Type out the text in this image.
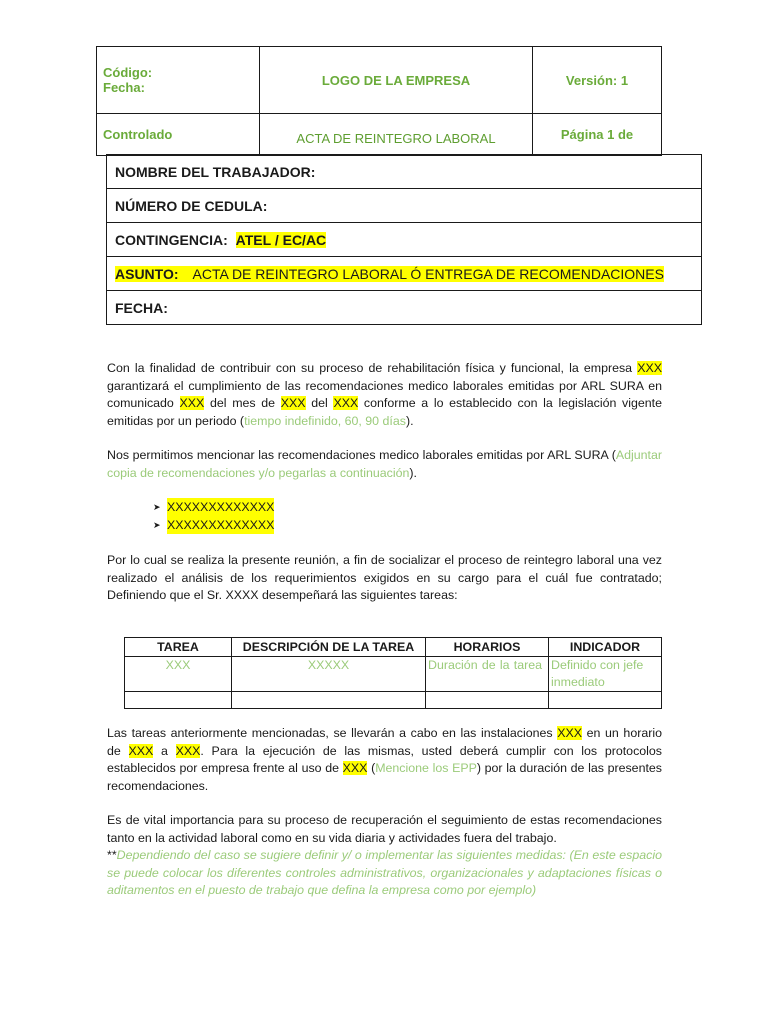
Código:
Fecha:	LOGO DE LA EMPRESA	Versión: 1
Controlado	ACTA DE REINTEGRO LABORAL	Página 1 de
NOMBRE DEL TRABAJADOR:
NÚMERO DE CEDULA:
CONTINGENCIA: ATEL / EC/AC
ASUNTO: ACTA DE REINTEGRO LABORAL Ó ENTREGA DE RECOMENDACIONES
FECHA:

Con la finalidad de contribuir con su proceso de rehabilitación física y funcional, la empresa XXX garantizará el cumplimiento de las recomendaciones medico laborales emitidas por ARL SURA en comunicado XXX del mes de XXX del XXX conforme a lo establecido con la legislación vigente emitidas por un periodo (tiempo indefinido, 60, 90 días).

Nos permitimos mencionar las recomendaciones medico laborales emitidas por ARL SURA (Adjuntar copia de recomendaciones y/o pegarlas a continuación).

➤ XXXXXXXXXXXXX
➤ XXXXXXXXXXXXX

Por lo cual se realiza la presente reunión, a fin de socializar el proceso de reintegro laboral una vez realizado el análisis de los requerimientos exigidos en su cargo para el cuál fue contratado; Definiendo que el Sr. XXXX desempeñará las siguientes tareas:

TAREA	DESCRIPCIÓN DE LA TAREA	HORARIOS	INDICADOR
XXX	XXXXX	Duración de la tarea	Definido con jefe inmediato

Las tareas anteriormente mencionadas, se llevarán a cabo en las instalaciones XXX en un horario de XXX a XXX. Para la ejecución de las mismas, usted deberá cumplir con los protocolos establecidos por empresa frente al uso de XXX (Mencione los EPP) por la duración de las presentes recomendaciones.

Es de vital importancia para su proceso de recuperación el seguimiento de estas recomendaciones tanto en la actividad laboral como en su vida diaria y actividades fuera del trabajo.
**Dependiendo del caso se sugiere definir y/ o implementar las siguientes medidas: (En este espacio se puede colocar los diferentes controles administrativos, organizacionales y adaptaciones físicas o aditamentos en el puesto de trabajo que defina la empresa como por ejemplo)
